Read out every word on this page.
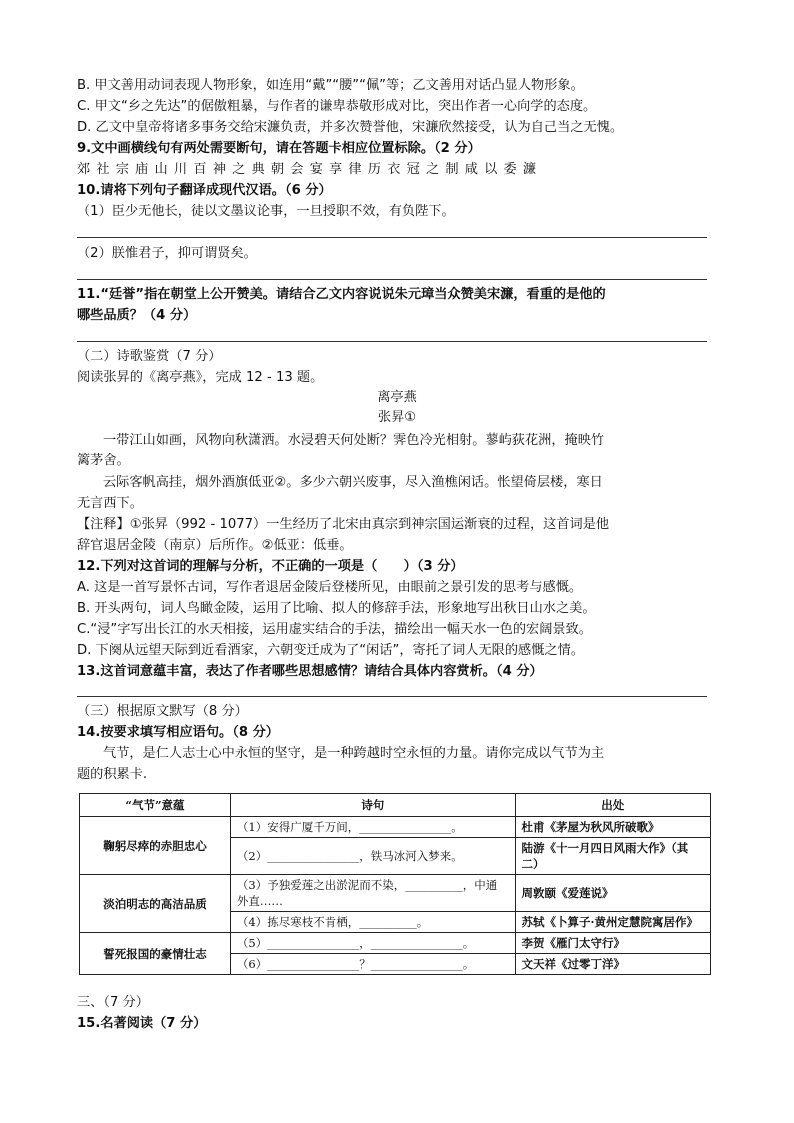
B. 甲文善用动词表现人物形象，如连用“戴”“腰”“佩”等；乙文善用对话凸显人物形象。
C. 甲文“乡之先达”的倨傲粗暴，与作者的谦卑恭敬形成对比，突出作者一心向学的态度。
D. 乙文中皇帝将诸多事务交给宋濂负责，并多次赞誉他，宋濂欣然接受，认为自己当之无愧。
9.文中画横线句有两处需要断句，请在答题卡相应位置标除。（2 分）
郊社宗庙山川百神之典朝会宴享律历衣冠之制咸以委濂
10.请将下列句子翻译成现代汉语。（6 分）
（1）臣少无他长，徒以文墨议论事，一旦授职不效，有负陛下。
（2）朕惟君子，抑可谓贤矣。
11.“廷誉”指在朝堂上公开赞美。请结合乙文内容说说朱元璋当众赞美宋濂，看重的是他的
哪些品质？（4 分）
（二）诗歌鉴赏（7 分）
阅读张昇的《离亭燕》，完成 12 - 13 题。
离亭燕
张昇①
一带江山如画，风物向秋潇洒。水浸碧天何处断？霁色冷光相射。蓼屿荻花洲，掩映竹
篱茅舍。
云际客帆高挂，烟外酒旗低亚②。多少六朝兴废事，尽入渔樵闲话。怅望倚层楼，寒日
无言西下。
【注释】①张昇（992 - 1077）一生经历了北宋由真宗到神宗国运渐衰的过程，这首词是他
辞官退居金陵（南京）后所作。②低亚：低垂。
12.下列对这首词的理解与分析，不正确的一项是（　　）（3 分）
A. 这是一首写景怀古词，写作者退居金陵后登楼所见，由眼前之景引发的思考与感慨。
B. 开头两句，词人鸟瞰金陵，运用了比喻、拟人的修辞手法，形象地写出秋日山水之美。
C.“浸”字写出长江的水天相接，运用虚实结合的手法，描绘出一幅天水一色的宏阔景致。
D. 下阕从远望天际到近看酒家，六朝变迁成为了“闲话”，寄托了词人无限的感慨之情。
13.这首词意蕴丰富，表达了作者哪些思想感情？请结合具体内容赏析。（4 分）
（三）根据原文默写（8 分）
14.按要求填写相应语句。（8 分）
气节，是仁人志士心中永恒的坚守，是一种跨越时空永恒的力量。请你完成以气节为主
题的积累卡.
“气节”意蕴	诗句	出处
鞠躬尽瘁的赤胆忠心	（1）安得广厦千万间，________________。	杜甫《茅屋为秋风所破歌》
	（2）________________，铁马冰河入梦来。	陆游《十一月四日风雨大作》（其二）
淡泊明志的高洁品质	（3）予独爱莲之出淤泥而不染，__________，中通外直……	周敦颐《爱莲说》
	（4）拣尽寒枝不肯栖，__________。	苏轼《卜算子·黄州定慧院寓居作》
誓死报国的豪情壮志	（5）________________，________________。	李贺《雁门太守行》
	（6）________________？________________。	文天祥《过零丁洋》
三、（7 分）
15.名著阅读（7 分）
